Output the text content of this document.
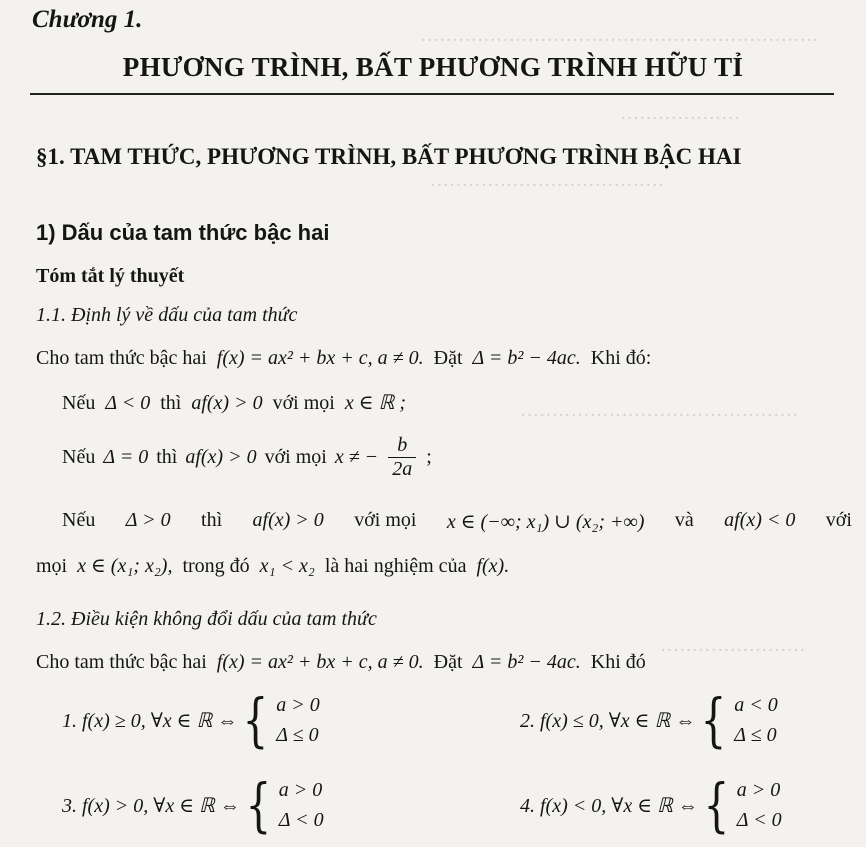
·······························································
···················
·····································
············································
·······················
Chương 1.
PHƯƠNG TRÌNH, BẤT PHƯƠNG TRÌNH HỮU TỈ
§1. TAM THỨC, PHƯƠNG TRÌNH, BẤT PHƯƠNG TRÌNH BẬC HAI
1) Dấu của tam thức bậc hai
Tóm tắt lý thuyết
1.1. Định lý về dấu của tam thức
Cho tam thức bậc hai f(x) = ax² + bx + c, a ≠ 0. Đặt Δ = b² − 4ac. Khi đó:
Nếu Δ < 0 thì af(x) > 0 với mọi x ∈ ℝ ;
Nếu Δ = 0 thì af(x) > 0 với mọi x ≠ − $\frac{b}{2a}$ ;
Nếu Δ > 0 thì af(x) > 0 với mọi x ∈ (−∞; x₁) ∪ (x₂; +∞) và af(x) < 0 với
mọi x ∈ (x₁; x₂), trong đó x₁ < x₂ là hai nghiệm của f(x).
1.2. Điều kiện không đổi dấu của tam thức
Cho tam thức bậc hai f(x) = ax² + bx + c, a ≠ 0. Đặt Δ = b² − 4ac. Khi đó
1. f(x) ≥ 0, ∀x ∈ ℝ ⇔ { a > 0
Δ ≤ 0
2. f(x) ≤ 0, ∀x ∈ ℝ ⇔ { a < 0
Δ ≤ 0
3. f(x) > 0, ∀x ∈ ℝ ⇔ { a > 0
Δ < 0
4. f(x) < 0, ∀x ∈ ℝ ⇔ { a > 0
Δ < 0
